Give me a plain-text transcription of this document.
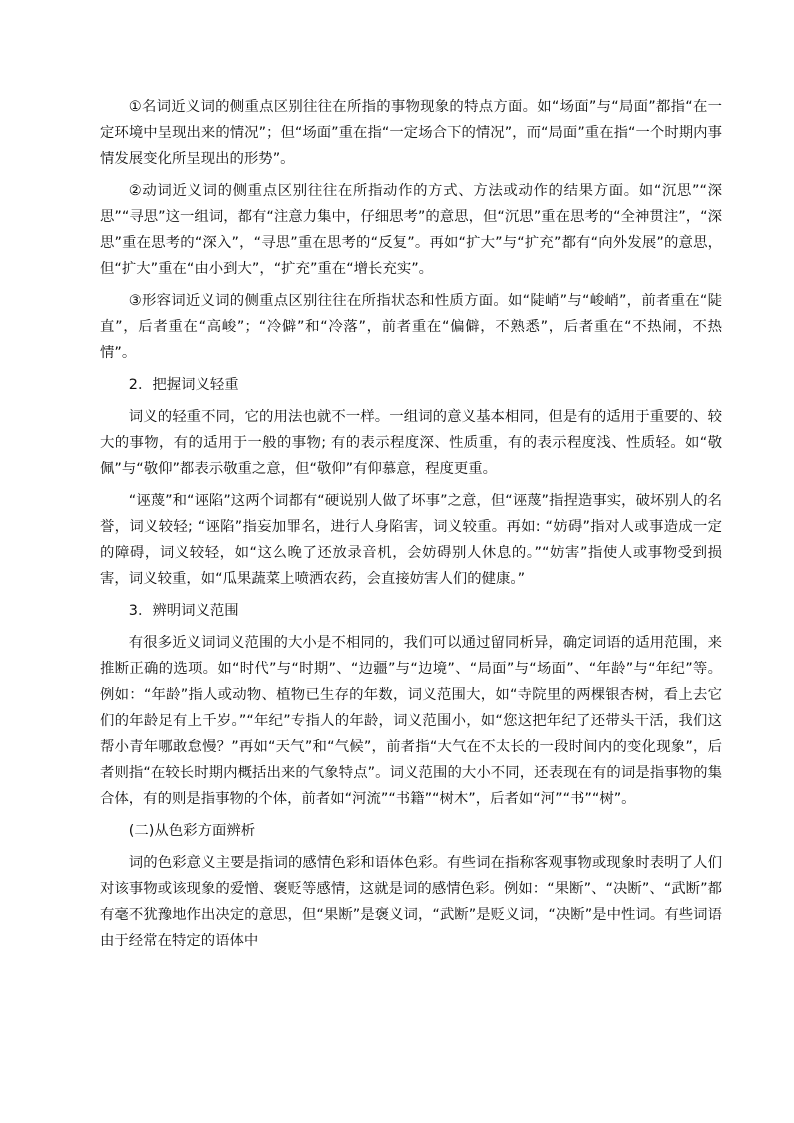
①名词近义词的侧重点区别往往在所指的事物现象的特点方面。如“场面”与“局面”都指“在一定环境中呈现出来的情况”；但“场面”重在指“一定场合下的情况”，而“局面”重在指“一个时期内事情发展变化所呈现出的形势”。

②动词近义词的侧重点区别往往在所指动作的方式、方法或动作的结果方面。如“沉思”“深思”“寻思”这一组词，都有“注意力集中，仔细思考”的意思，但“沉思”重在思考的“全神贯注”，“深思”重在思考的“深入”，“寻思”重在思考的“反复”。再如“扩大”与“扩充”都有“向外发展”的意思，但“扩大”重在“由小到大”，“扩充”重在“增长充实”。

③形容词近义词的侧重点区别往往在所指状态和性质方面。如“陡峭”与“峻峭”，前者重在“陡直”，后者重在“高峻”；“冷僻”和“冷落”，前者重在“偏僻，不熟悉”，后者重在“不热闹，不热情”。

2．把握词义轻重

词义的轻重不同，它的用法也就不一样。一组词的意义基本相同，但是有的适用于重要的、较大的事物，有的适用于一般的事物; 有的表示程度深、性质重，有的表示程度浅、性质轻。如“敬佩”与“敬仰”都表示敬重之意，但“敬仰”有仰慕意，程度更重。

“诬蔑”和“诬陷”这两个词都有“硬说别人做了坏事”之意，但“诬蔑”指捏造事实，破坏别人的名誉，词义较轻; “诬陷”指妄加罪名，进行人身陷害，词义较重。再如: “妨碍”指对人或事造成一定的障碍，词义较轻，如“这么晚了还放录音机，会妨碍别人休息的。”“妨害”指使人或事物受到损害，词义较重，如“瓜果蔬菜上喷洒农药，会直接妨害人们的健康。”

3．辨明词义范围

有很多近义词词义范围的大小是不相同的，我们可以通过留同析异，确定词语的适用范围，来推断正确的选项。如“时代”与“时期”、“边疆”与“边境”、“局面”与“场面”、“年龄”与“年纪”等。例如：“年龄”指人或动物、植物已生存的年数，词义范围大，如“寺院里的两棵银杏树，看上去它们的年龄足有上千岁。”“年纪”专指人的年龄，词义范围小，如“您这把年纪了还带头干活，我们这帮小青年哪敢怠慢？”再如“天气”和“气候”，前者指“大气在不太长的一段时间内的变化现象”，后者则指“在较长时期内概括出来的气象特点”。词义范围的大小不同，还表现在有的词是指事物的集合体，有的则是指事物的个体，前者如“河流”“书籍”“树木”，后者如“河”“书”“树”。

(二)从色彩方面辨析

词的色彩意义主要是指词的感情色彩和语体色彩。有些词在指称客观事物或现象时表明了人们对该事物或该现象的爱憎、褒贬等感情，这就是词的感情色彩。例如：“果断”、“决断”、“武断”都有毫不犹豫地作出决定的意思，但“果断”是褒义词，“武断”是贬义词，“决断”是中性词。有些词语由于经常在特定的语体中
